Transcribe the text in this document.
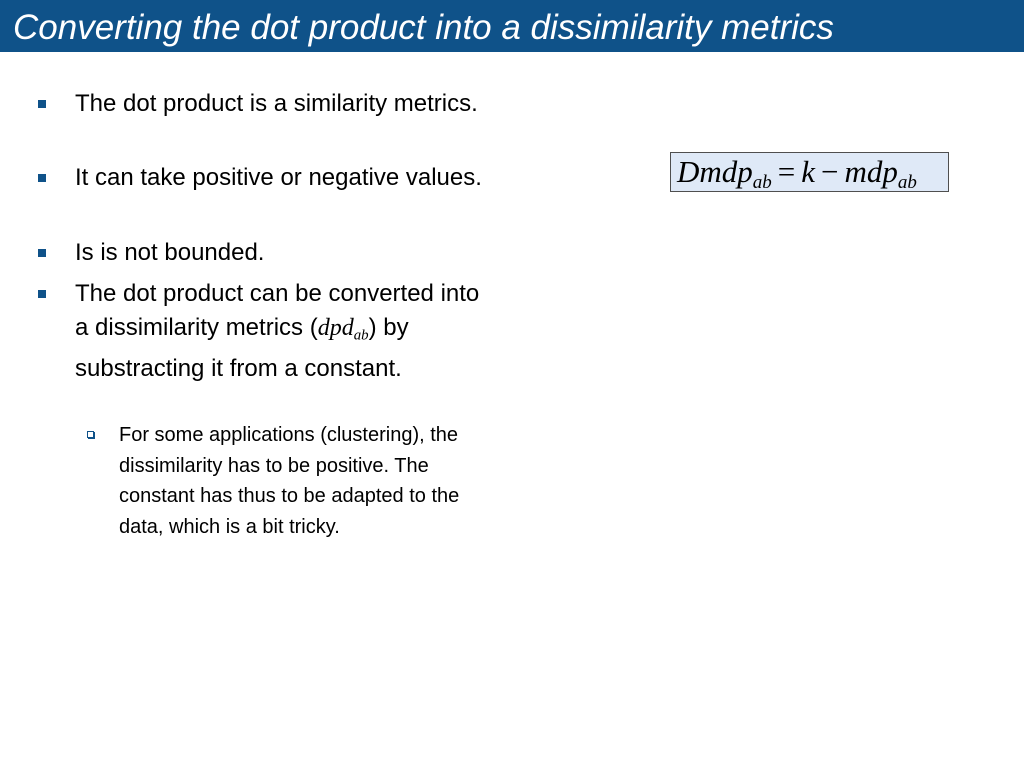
Converting the dot product into a dissimilarity metrics
The dot product is a similarity metrics.
It can take positive or negative values.
Is is not bounded.
The dot product can be converted into a dissimilarity metrics (dpdab) by substracting it from a constant.
For some applications (clustering), the dissimilarity has to be positive. The constant has thus to be adapted to the data, which is a bit tricky.
Dmdpab = k − mdpab
